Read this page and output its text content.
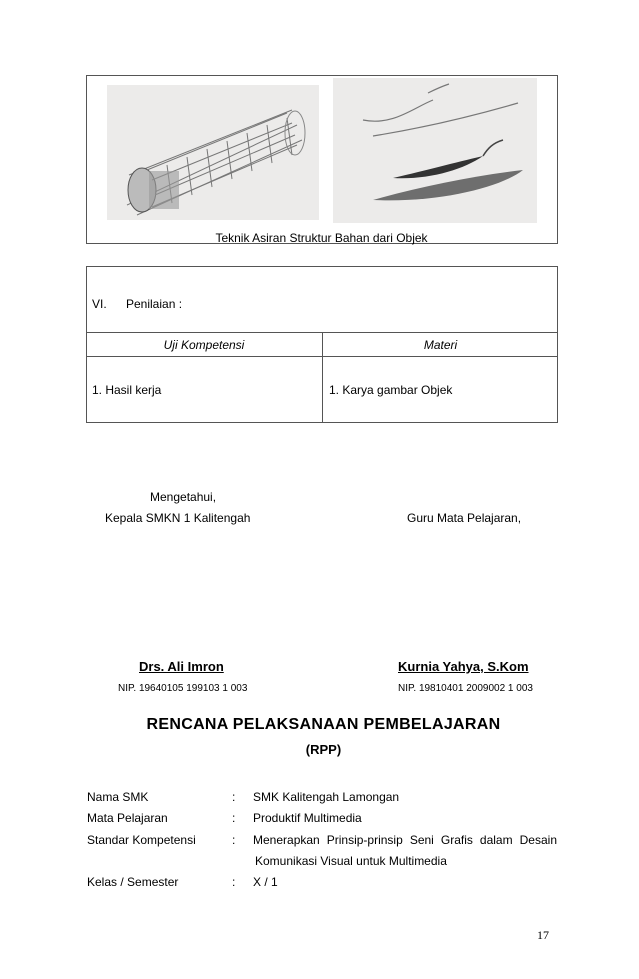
Teknik Asiran Struktur Bahan dari Objek
VI. Penilaian :
Uji Kompetensi	Materi
1. Hasil kerja	1. Karya gambar Objek
Mengetahui,
Kepala SMKN 1 Kalitengah	Guru Mata Pelajaran,
Drs. Ali Imron
NIP. 19640105 199103 1 003
Kurnia Yahya, S.Kom
NIP. 19810401 2009002 1 003
RENCANA PELAKSANAAN PEMBELAJARAN
(RPP)
Nama SMK	: SMK Kalitengah Lamongan
Mata Pelajaran	: Produktif Multimedia
Standar Kompetensi	: Menerapkan Prinsip-prinsip Seni Grafis dalam Desain
Komunikasi Visual untuk Multimedia
Kelas / Semester	: X / 1
17
